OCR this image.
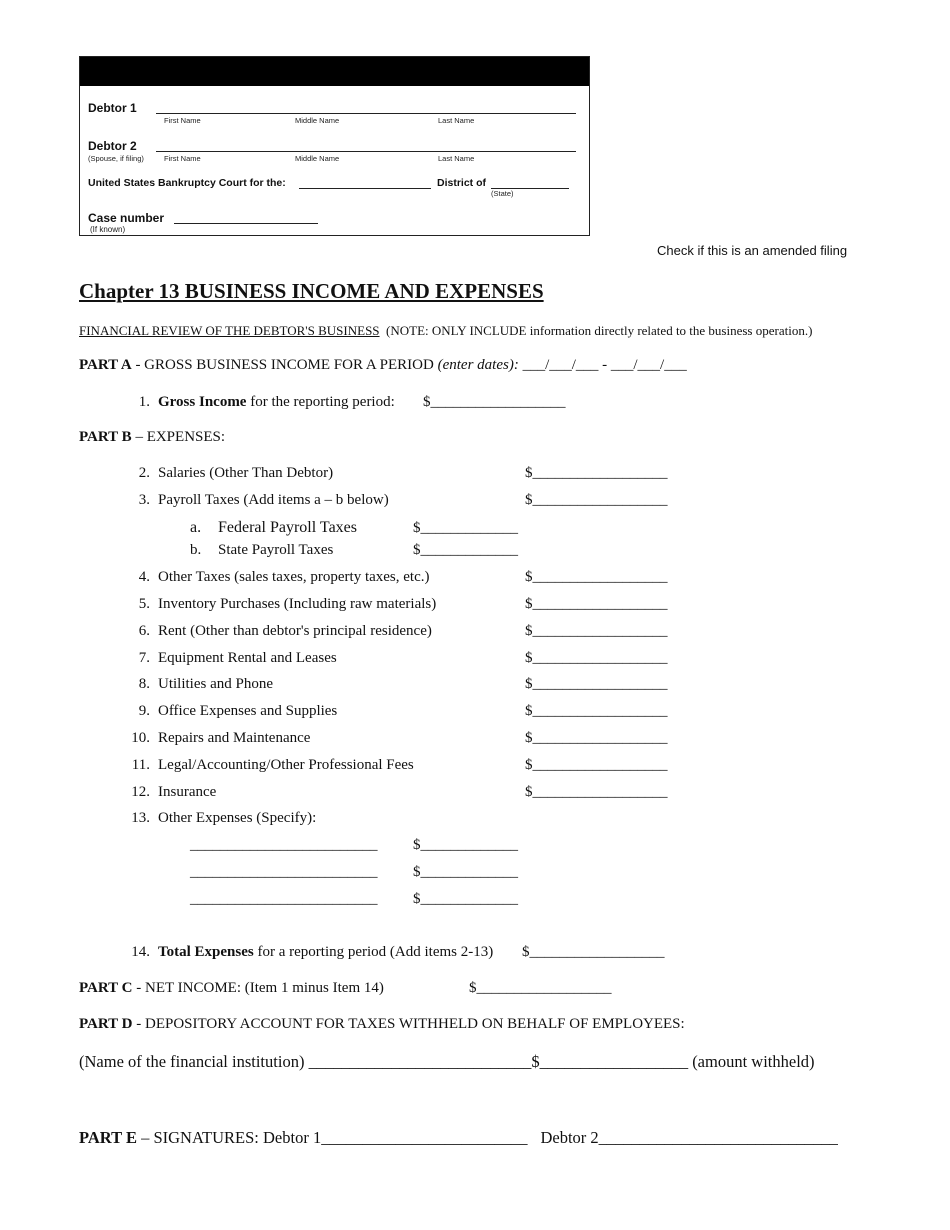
Debtor 1
First Name	Middle Name	Last Name
Debtor 2
(Spouse, if filing)	First Name	Middle Name	Last Name
United States Bankruptcy Court for the:	District of
(State)
Case number
(If known)
Check if this is an amended filing
Chapter 13 BUSINESS INCOME AND EXPENSES
FINANCIAL REVIEW OF THE DEBTOR'S BUSINESS (NOTE: ONLY INCLUDE information directly related to the business operation.)
PART A - GROSS BUSINESS INCOME FOR A PERIOD (enter dates): ___/___/___ - ___/___/___
1. Gross Income for the reporting period: $__________________
PART B – EXPENSES:
2. Salaries (Other Than Debtor)	$__________________
3. Payroll Taxes (Add items a – b below)	$__________________
a. Federal Payroll Taxes	$_____________
b. State Payroll Taxes	$_____________
4. Other Taxes (sales taxes, property taxes, etc.)	$__________________
5. Inventory Purchases (Including raw materials)	$__________________
6. Rent (Other than debtor's principal residence)	$__________________
7. Equipment Rental and Leases	$__________________
8. Utilities and Phone	$__________________
9. Office Expenses and Supplies	$__________________
10. Repairs and Maintenance	$__________________
11. Legal/Accounting/Other Professional Fees	$__________________
12. Insurance	$__________________
13. Other Expenses (Specify):
_________________________ $_____________
_________________________ $_____________
_________________________ $_____________
14. Total Expenses for a reporting period (Add items 2-13) $__________________
PART C - NET INCOME: (Item 1 minus Item 14)	$__________________
PART D - DEPOSITORY ACCOUNT FOR TAXES WITHHELD ON BEHALF OF EMPLOYEES:
(Name of the financial institution) ___________________________$__________________ (amount withheld)
PART E – SIGNATURES: Debtor 1_________________________ Debtor 2_____________________________
